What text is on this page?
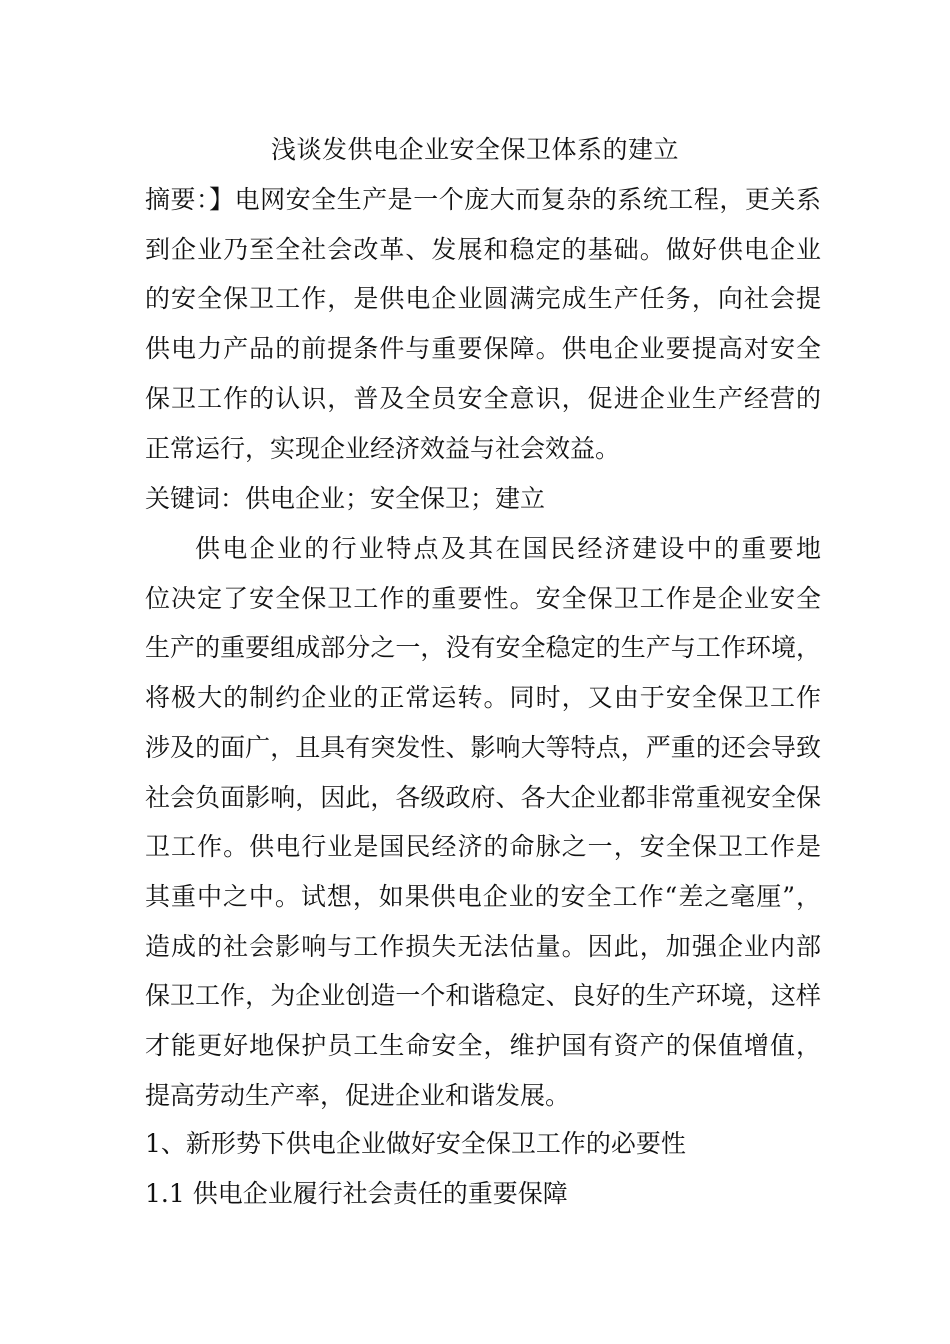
浅谈发供电企业安全保卫体系的建立
摘要：】电网安全生产是一个庞大而复杂的系统工程，更关系
到企业乃至全社会改革、发展和稳定的基础。做好供电企业
的安全保卫工作，是供电企业圆满完成生产任务，向社会提
供电力产品的前提条件与重要保障。供电企业要提高对安全
保卫工作的认识，普及全员安全意识，促进企业生产经营的
正常运行，实现企业经济效益与社会效益。
关键词：供电企业；安全保卫；建立
供电企业的行业特点及其在国民经济建设中的重要地
位决定了安全保卫工作的重要性。安全保卫工作是企业安全
生产的重要组成部分之一，没有安全稳定的生产与工作环境，
将极大的制约企业的正常运转。同时，又由于安全保卫工作
涉及的面广，且具有突发性、影响大等特点，严重的还会导致
社会负面影响，因此，各级政府、各大企业都非常重视安全保
卫工作。供电行业是国民经济的命脉之一，安全保卫工作是
其重中之中。试想，如果供电企业的安全工作“差之毫厘”，
造成的社会影响与工作损失无法估量。因此，加强企业内部
保卫工作，为企业创造一个和谐稳定、良好的生产环境，这样
才能更好地保护员工生命安全，维护国有资产的保值增值，
提高劳动生产率，促进企业和谐发展。
1、新形势下供电企业做好安全保卫工作的必要性
1.1 供电企业履行社会责任的重要保障
